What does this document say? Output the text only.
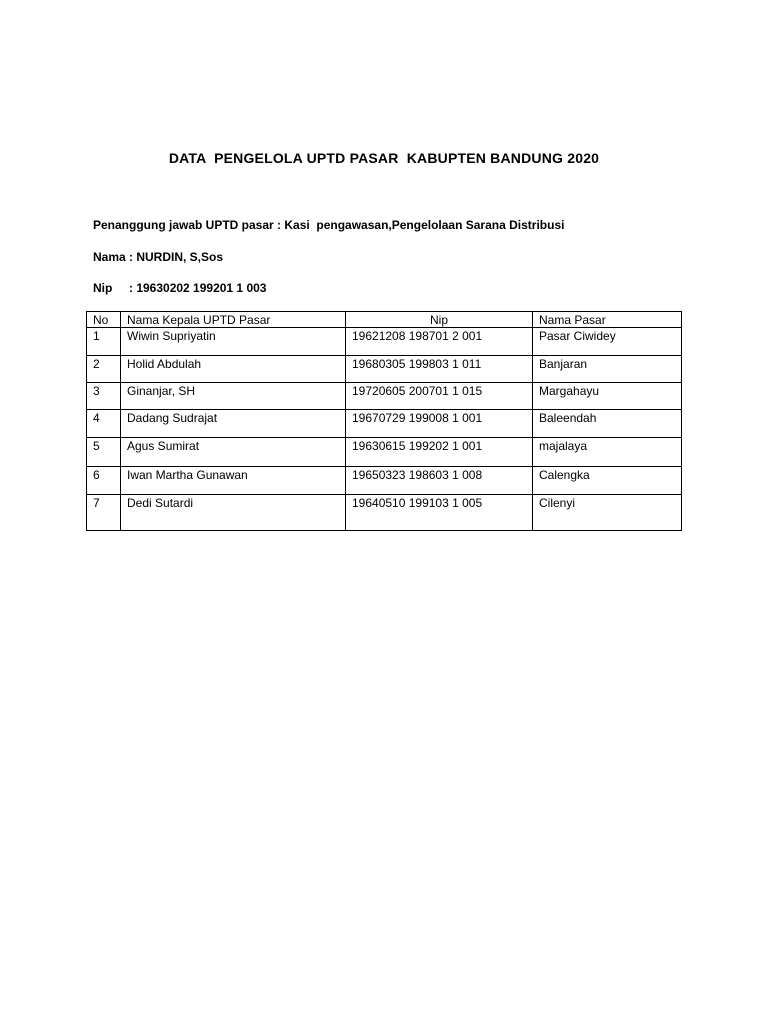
DATA  PENGELOLA UPTD PASAR  KABUPTEN BANDUNG 2020
Penanggung jawab UPTD pasar : Kasi  pengawasan,Pengelolaan Sarana Distribusi
Nama : NURDIN, S,Sos
Nip     : 19630202 199201 1 003
No	Nama Kepala UPTD Pasar	Nip	Nama Pasar
1	Wiwin Supriyatin	19621208 198701 2 001	Pasar Ciwidey
2	Holid Abdulah	19680305 199803 1 011	Banjaran
3	Ginanjar, SH	19720605 200701 1 015	Margahayu
4	Dadang Sudrajat	19670729 199008 1 001	Baleendah
5	Agus Sumirat	19630615 199202 1 001	majalaya
6	Iwan Martha Gunawan	19650323 198603 1 008	Calengka
7	Dedi Sutardi	19640510 199103 1 005	Cilenyi
